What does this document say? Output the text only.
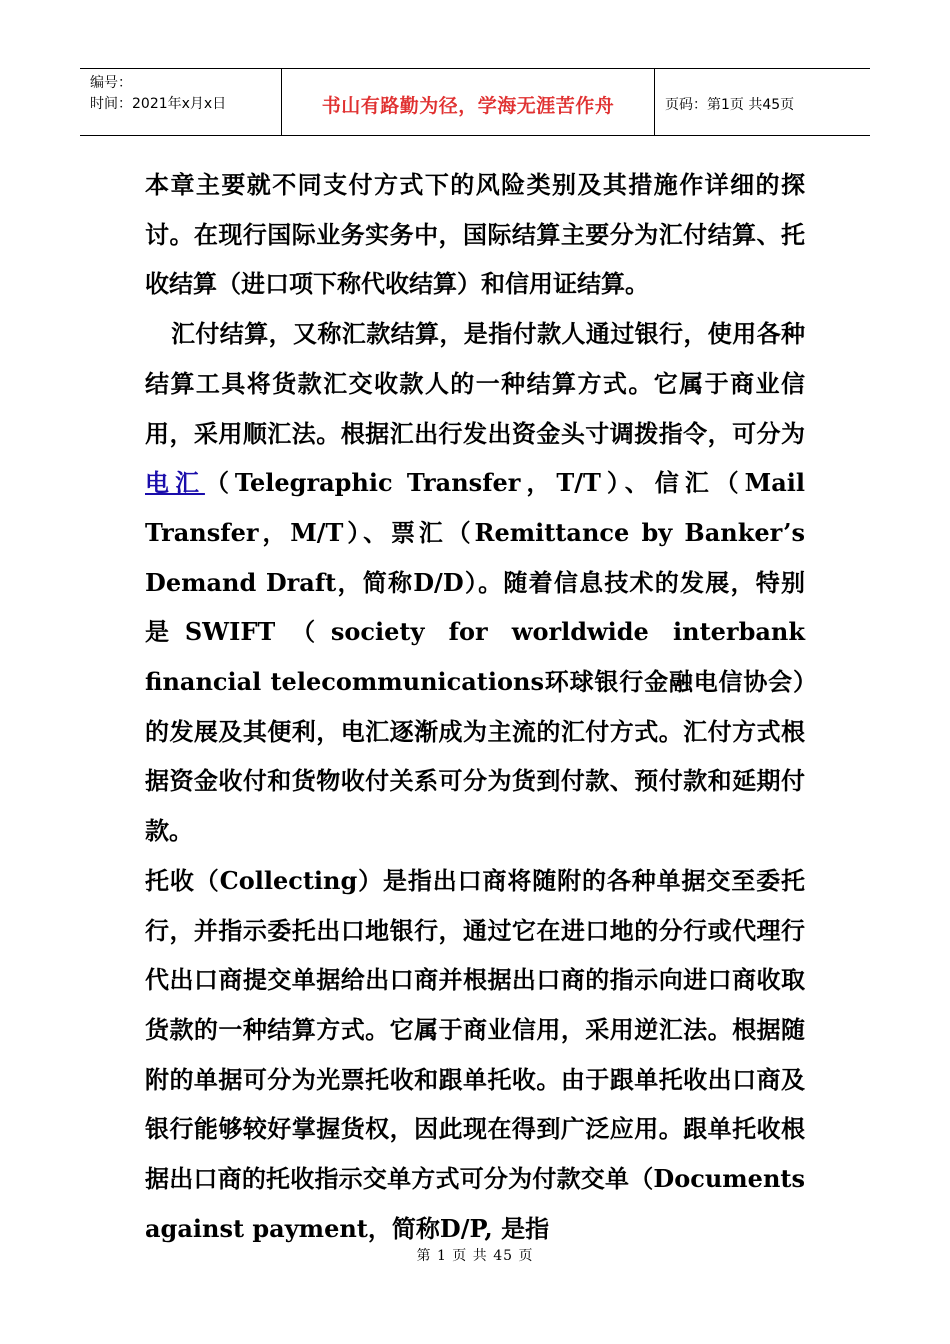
编号：
时间：2021年x月x日	书山有路勤为径，学海无涯苦作舟	页码：第1页 共45页

本章主要就不同支付方式下的风险类别及其措施作详细的探讨。在现行国际业务实务中，国际结算主要分为汇付结算、托收结算（进口项下称代收结算）和信用证结算。

汇付结算，又称汇款结算，是指付款人通过银行，使用各种结算工具将货款汇交收款人的一种结算方式。它属于商业信用，采用顺汇法。根据汇出行发出资金头寸调拨指令，可分为电汇（Telegraphic Transfer，T/T）、信汇（Mail Transfer，M/T）、票汇（Remittance by Banker’s Demand Draft，简称D/D）。随着信息技术的发展，特别是SWIFT（society for worldwide interbank financial telecommunications环球银行金融电信协会）的发展及其便利，电汇逐渐成为主流的汇付方式。汇付方式根据资金收付和货物收付关系可分为货到付款、预付款和延期付款。

托收（Collecting）是指出口商将随附的各种单据交至委托行，并指示委托出口地银行，通过它在进口地的分行或代理行代出口商提交单据给出口商并根据出口商的指示向进口商收取货款的一种结算方式。它属于商业信用，采用逆汇法。根据随附的单据可分为光票托收和跟单托收。由于跟单托收出口商及银行能够较好掌握货权，因此现在得到广泛应用。跟单托收根据出口商的托收指示交单方式可分为付款交单（Documents against payment，简称D/P, 是指

第 1 页 共 45 页
